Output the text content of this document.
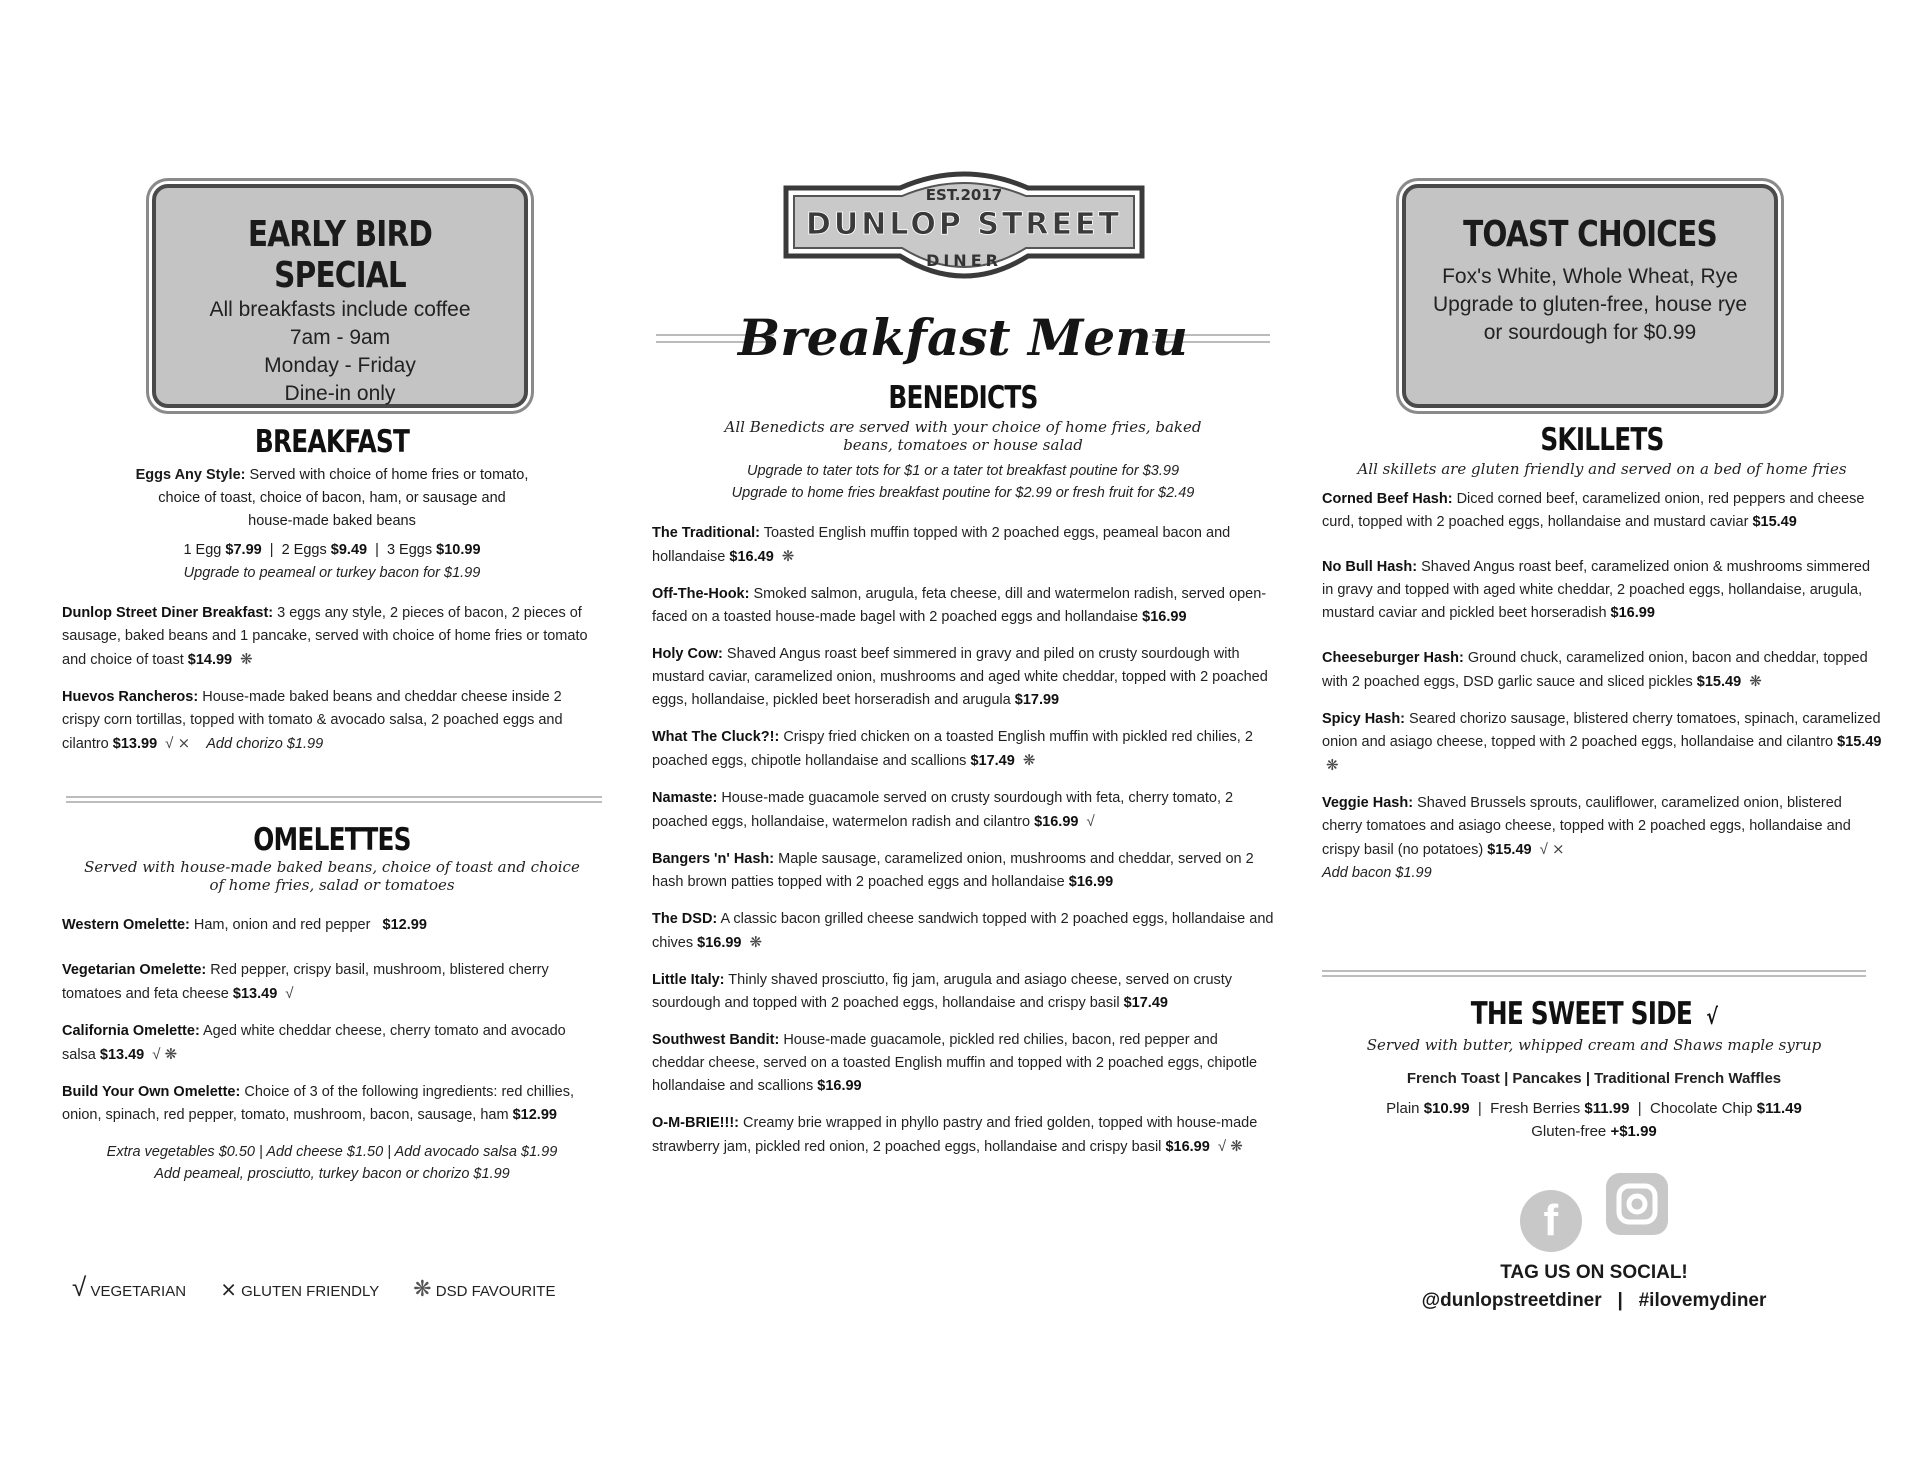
EARLY BIRD SPECIAL
All breakfasts include coffee
7am - 9am
Monday - Friday
Dine-in only
BREAKFAST
Eggs Any Style: Served with choice of home fries or tomato,
choice of toast, choice of bacon, ham, or sausage and
house-made baked beans
1 Egg $7.99  |  2 Eggs $9.49  |  3 Eggs $10.99
Upgrade to peameal or turkey bacon for $1.99
Dunlop Street Diner Breakfast: 3 eggs any style, 2 pieces of bacon, 2 pieces of sausage, baked beans and 1 pancake, served with choice of home fries or tomato and choice of toast $14.99 ❋
Huevos Rancheros: House-made baked beans and cheddar cheese inside 2 crispy corn tortillas, topped with tomato & avocado salsa, 2 poached eggs and cilantro $13.99 √ ⨯ Add chorizo $1.99
OMELETTES
Served with house-made baked beans, choice of toast and choice
of home fries, salad or tomatoes
Western Omelette: Ham, onion and red pepper $12.99
Vegetarian Omelette: Red pepper, crispy basil, mushroom, blistered cherry tomatoes and feta cheese $13.49 √
California Omelette: Aged white cheddar cheese, cherry tomato and avocado salsa $13.49 √ ❋
Build Your Own Omelette: Choice of 3 of the following ingredients: red chillies, onion, spinach, red pepper, tomato, mushroom, bacon, sausage, ham $12.99
Extra vegetables $0.50 | Add cheese $1.50 | Add avocado salsa $1.99
Add peameal, prosciutto, turkey bacon or chorizo $1.99
√ VEGETARIAN ⨯ GLUTEN FRIENDLY ❋ DSD FAVOURITE
EST.2017
DUNLOP STREET
DINER
Breakfast Menu
BENEDICTS
All Benedicts are served with your choice of home fries, baked
beans, tomatoes or house salad
Upgrade to tater tots for $1 or a tater tot breakfast poutine for $3.99
Upgrade to home fries breakfast poutine for $2.99 or fresh fruit for $2.49
The Traditional: Toasted English muffin topped with 2 poached eggs, peameal bacon and hollandaise $16.49 ❋
Off-The-Hook: Smoked salmon, arugula, feta cheese, dill and watermelon radish, served open-faced on a toasted house-made bagel with 2 poached eggs and hollandaise $16.99
Holy Cow: Shaved Angus roast beef simmered in gravy and piled on crusty sourdough with mustard caviar, caramelized onion, mushrooms and aged white cheddar, topped with 2 poached eggs, hollandaise, pickled beet horseradish and arugula $17.99
What The Cluck?!: Crispy fried chicken on a toasted English muffin with pickled red chilies, 2 poached eggs, chipotle hollandaise and scallions $17.49 ❋
Namaste: House-made guacamole served on crusty sourdough with feta, cherry tomato, 2 poached eggs, hollandaise, watermelon radish and cilantro $16.99 √
Bangers 'n' Hash: Maple sausage, caramelized onion, mushrooms and cheddar, served on 2 hash brown patties topped with 2 poached eggs and hollandaise $16.99
The DSD: A classic bacon grilled cheese sandwich topped with 2 poached eggs, hollandaise and chives $16.99 ❋
Little Italy: Thinly shaved prosciutto, fig jam, arugula and asiago cheese, served on crusty sourdough and topped with 2 poached eggs, hollandaise and crispy basil $17.49
Southwest Bandit: House-made guacamole, pickled red chilies, bacon, red pepper and cheddar cheese, served on a toasted English muffin and topped with 2 poached eggs, chipotle hollandaise and scallions $16.99
O-M-BRIE!!!: Creamy brie wrapped in phyllo pastry and fried golden, topped with house-made strawberry jam, pickled red onion, 2 poached eggs, hollandaise and crispy basil $16.99 √ ❋
TOAST CHOICES
Fox's White, Whole Wheat, Rye
Upgrade to gluten-free, house rye
or sourdough for $0.99
SKILLETS
All skillets are gluten friendly and served on a bed of home fries
Corned Beef Hash: Diced corned beef, caramelized onion, red peppers and cheese curd, topped with 2 poached eggs, hollandaise and mustard caviar $15.49
No Bull Hash: Shaved Angus roast beef, caramelized onion & mushrooms simmered in gravy and topped with aged white cheddar, 2 poached eggs, hollandaise, arugula, mustard caviar and pickled beet horseradish $16.99
Cheeseburger Hash: Ground chuck, caramelized onion, bacon and cheddar, topped with 2 poached eggs, DSD garlic sauce and sliced pickles $15.49 ❋
Spicy Hash: Seared chorizo sausage, blistered cherry tomatoes, spinach, caramelized onion and asiago cheese, topped with 2 poached eggs, hollandaise and cilantro $15.49 ❋
Veggie Hash: Shaved Brussels sprouts, cauliflower, caramelized onion, blistered cherry tomatoes and asiago cheese, topped with 2 poached eggs, hollandaise and crispy basil (no potatoes) $15.49 √ ⨯
Add bacon $1.99
THE SWEET SIDE √
Served with butter, whipped cream and Shaws maple syrup
French Toast | Pancakes | Traditional French Waffles
Plain $10.99  |  Fresh Berries $11.99  |  Chocolate Chip $11.49
Gluten-free +$1.99
f
TAG US ON SOCIAL!
@dunlopstreetdiner   |   #ilovemydiner
